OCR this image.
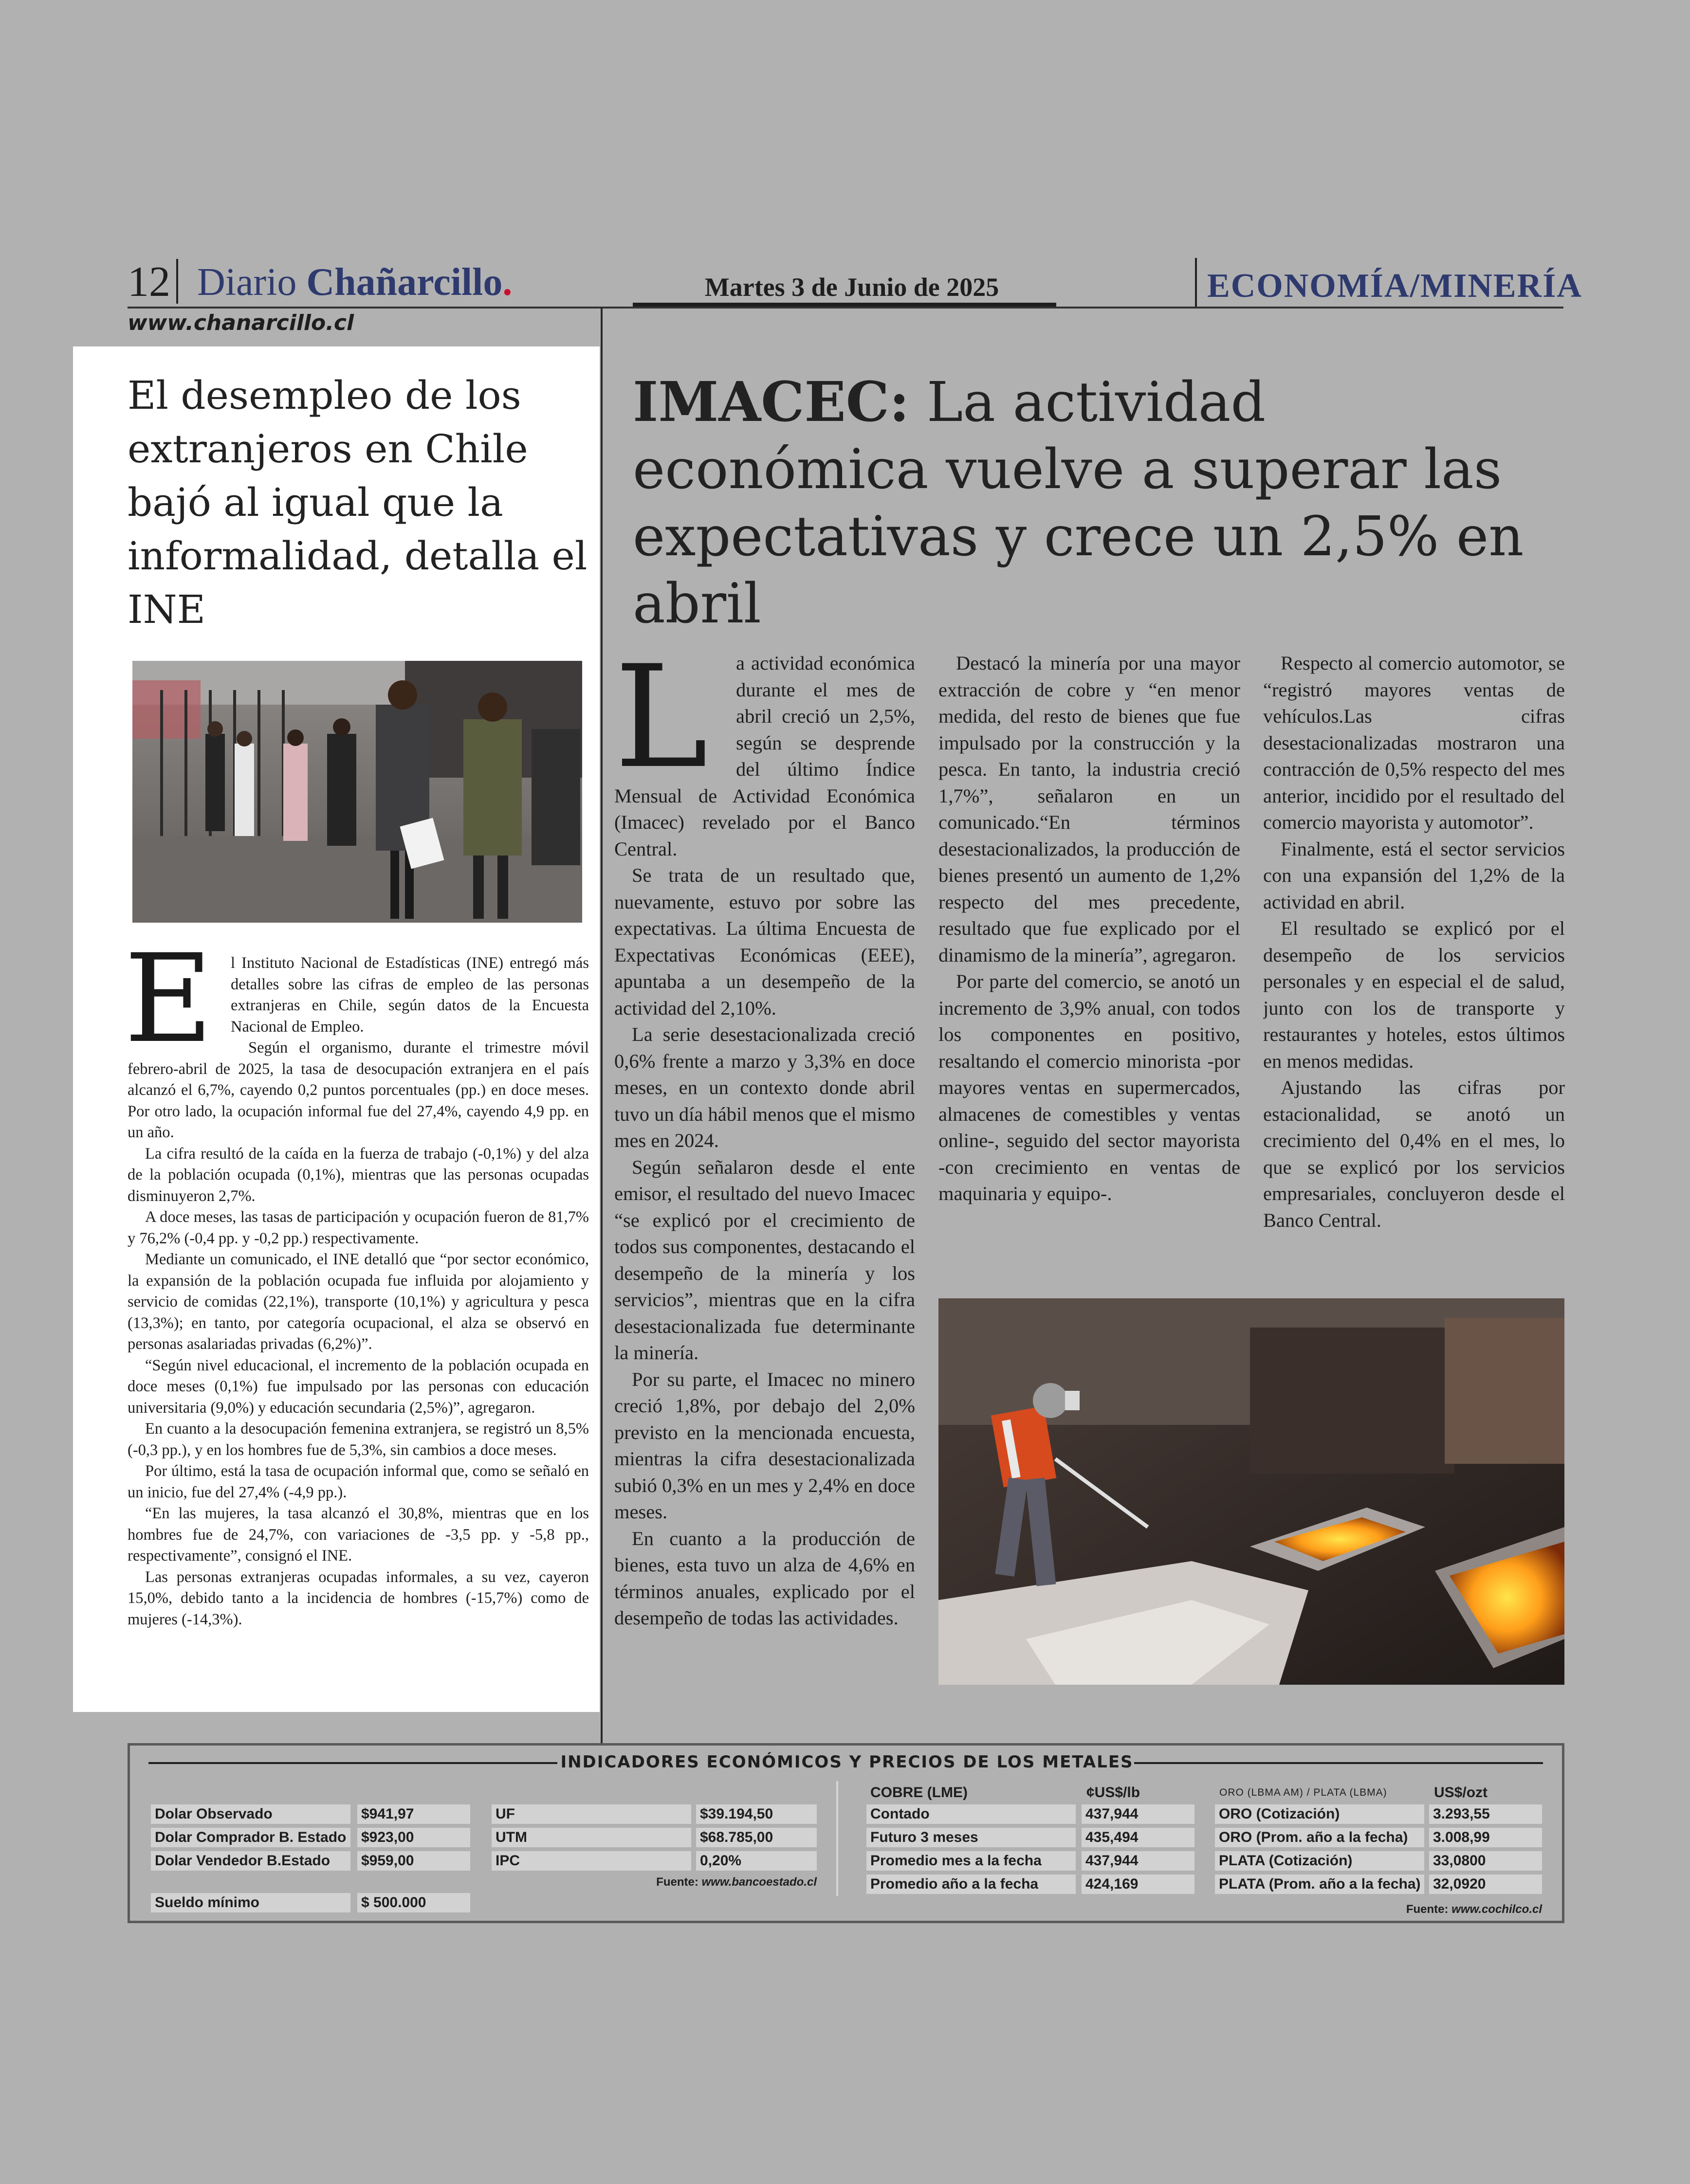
12 Diario Chañarcillo.	Martes 3 de Junio de 2025	ECONOMÍA/MINERÍA
www.chanarcillo.cl
El desempleo de los extranjeros en Chile bajó al igual que la informalidad, detalla el INE
E	l Instituto Nacional de Estadísticas (INE) entregó más detalles sobre las cifras de empleo de las personas extranjeras en Chile, según datos de la Encuesta Nacional de Empleo.

Según el organismo, durante el trimestre móvil febrero-abril de 2025, la tasa de desocupación extranjera en el país alcanzó el 6,7%, cayendo 0,2 puntos porcentuales (pp.) en doce meses. Por otro lado, la ocupación informal fue del 27,4%, cayendo 4,9 pp. en un año.

La cifra resultó de la caída en la fuerza de trabajo (-0,1%) y del alza de la población ocupada (0,1%), mientras que las personas ocupadas disminuyeron 2,7%.

A doce meses, las tasas de participación y ocupación fueron de 81,7% y 76,2% (-0,4 pp. y -0,2 pp.) respectivamente.

Mediante un comunicado, el INE detalló que “por sector económico, la expansión de la población ocupada fue influida por alojamiento y servicio de comidas (22,1%), transporte (10,1%) y agricultura y pesca (13,3%); en tanto, por categoría ocupacional, el alza se observó en personas asalariadas privadas (6,2%)”.

“Según nivel educacional, el incremento de la población ocupada en doce meses (0,1%) fue impulsado por las personas con educación universitaria (9,0%) y educación secundaria (2,5%)”, agregaron.

En cuanto a la desocupación femenina extranjera, se registró un 8,5% (-0,3 pp.), y en los hombres fue de 5,3%, sin cambios a doce meses.

Por último, está la tasa de ocupación informal que, como se señaló en un inicio, fue del 27,4% (-4,9 pp.).

“En las mujeres, la tasa alcanzó el 30,8%, mientras que en los hombres fue de 24,7%, con variaciones de -3,5 pp. y -5,8 pp., respectivamente”, consignó el INE.

Las personas extranjeras ocupadas informales, a su vez, cayeron 15,0%, debido tanto a la incidencia de hombres (-15,7%) como de mujeres (-14,3%).

IMACEC: La actividad económica vuelve a superar las expectativas y crece un 2,5% en abril
L	a actividad económica durante el mes de abril creció un 2,5%, según se desprende del último Índice Mensual de Actividad Económica (Imacec) revelado por el Banco Central.

Se trata de un resultado que, nuevamente, estuvo por sobre las expectativas. La última Encuesta de Expectativas Económicas (EEE), apuntaba a un desempeño de la actividad del 2,10%.

La serie desestacionalizada creció 0,6% frente a marzo y 3,3% en doce meses, en un contexto donde abril tuvo un día hábil menos que el mismo mes en 2024.

Según señalaron desde el ente emisor, el resultado del nuevo Imacec “se explicó por el crecimiento de todos sus componentes, destacando el desempeño de la minería y los servicios”, mientras que en la cifra desestacionalizada fue determinante la minería.

Por su parte, el Imacec no minero creció 1,8%, por debajo del 2,0% previsto en la mencionada encuesta, mientras la cifra desestacionalizada subió 0,3% en un mes y 2,4% en doce meses.

En cuanto a la producción de bienes, esta tuvo un alza de 4,6% en términos anuales, explicado por el desempeño de todas las actividades.

Destacó la minería por una mayor extracción de cobre y “en menor medida, del resto de bienes que fue impulsado por la construcción y la pesca. En tanto, la industria creció 1,7%”, señalaron en un comunicado.“En términos desestacionalizados, la producción de bienes presentó un aumento de 1,2% respecto del mes precedente, resultado que fue explicado por el dinamismo de la minería”, agregaron.

Por parte del comercio, se anotó un incremento de 3,9% anual, con todos los componentes en positivo, resaltando el comercio minorista -por mayores ventas en supermercados, almacenes de comestibles y ventas online-, seguido del sector mayorista -con crecimiento en ventas de maquinaria y equipo-.

Respecto al comercio automotor, se “registró mayores ventas de vehículos.Las cifras desestacionalizadas mostraron una contracción de 0,5% respecto del mes anterior, incidido por el resultado del comercio mayorista y automotor”.

Finalmente, está el sector servicios con una expansión del 1,2% de la actividad en abril.

El resultado se explicó por el desempeño de los servicios personales y en especial el de salud, junto con los de transporte y restaurantes y hoteles, estos últimos en menos medidas.

Ajustando las cifras por estacionalidad, se anotó un crecimiento del 0,4% en el mes, lo que se explicó por los servicios empresariales, concluyeron desde el Banco Central.

INDICADORES ECONÓMICOS Y PRECIOS DE LOS METALES
Dolar Observado	$941,97
Dolar Comprador B. Estado $923,00
Dolar Vendedor B.Estado	$959,00
Sueldo mínimo	$ 500.000
UF	$39.194,50
UTM	$68.785,00
IPC	0,20%
Fuente: www.bancoestado.cl
COBRE (LME)	¢US$/lb
Contado	437,944
Futuro 3 meses	435,494
Promedio mes a la fecha	437,944
Promedio año a la fecha	424,169
ORO (LBMA AM) / PLATA (LBMA)	US$/ozt
ORO (Cotización)	3.293,55
ORO (Prom. año a la fecha)	3.008,99
PLATA (Cotización)	33,0800
PLATA (Prom. año a la fecha) 32,0920
Fuente: www.cochilco.cl
